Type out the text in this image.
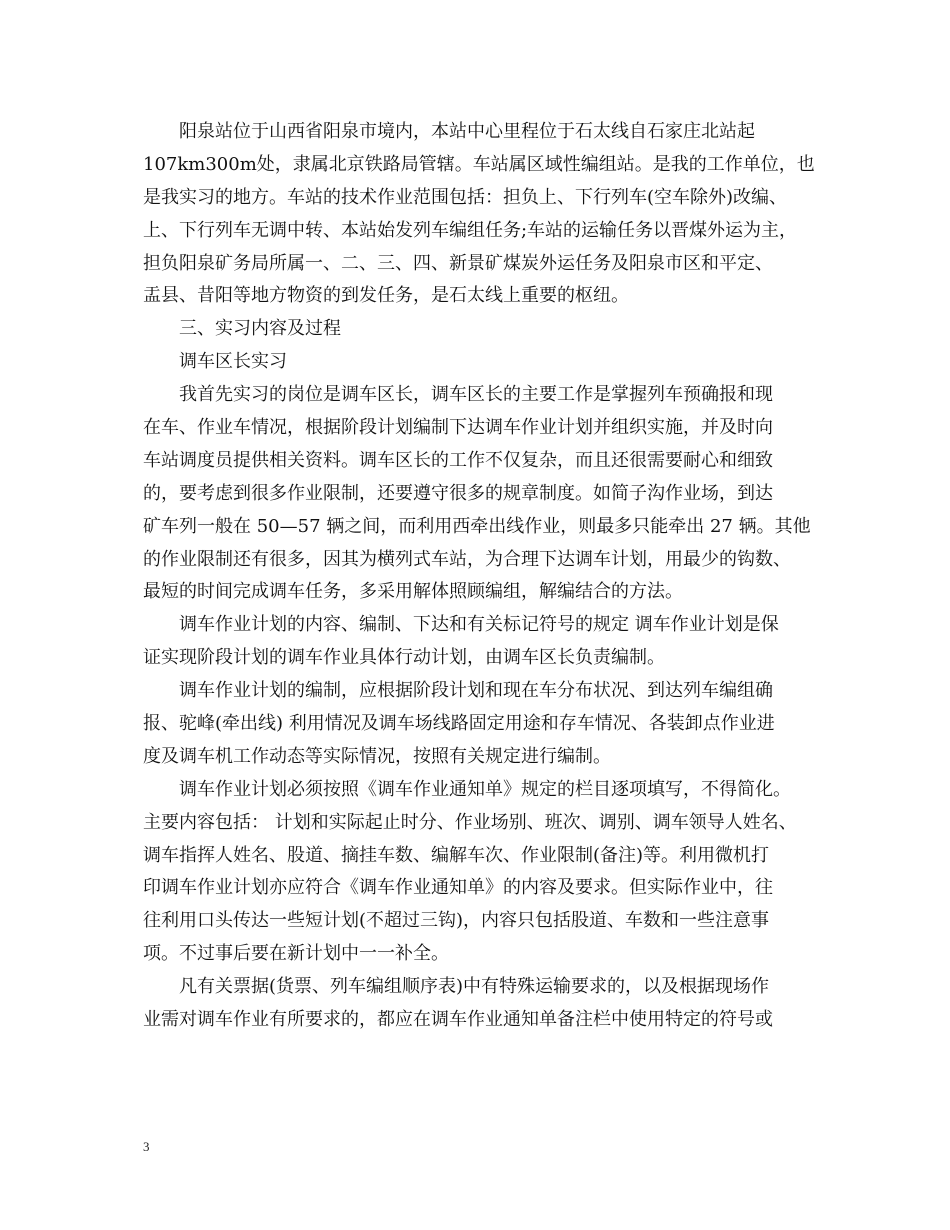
阳泉站位于山西省阳泉市境内，本站中心里程位于石太线自石家庄北站起
107km300m处，隶属北京铁路局管辖。车站属区域性编组站。是我的工作单位，也
是我实习的地方。车站的技术作业范围包括：担负上、下行列车(空车除外)改编、
上、下行列车无调中转、本站始发列车编组任务;车站的运输任务以晋煤外运为主，
担负阳泉矿务局所属一、二、三、四、新景矿煤炭外运任务及阳泉市区和平定、
盂县、昔阳等地方物资的到发任务，是石太线上重要的枢纽。
三、实习内容及过程
调车区长实习
我首先实习的岗位是调车区长，调车区长的主要工作是掌握列车预确报和现
在车、作业车情况，根据阶段计划编制下达调车作业计划并组织实施，并及时向
车站调度员提供相关资料。调车区长的工作不仅复杂，而且还很需要耐心和细致
的，要考虑到很多作业限制，还要遵守很多的规章制度。如简子沟作业场，到达
矿车列一般在 50—57 辆之间，而利用西牵出线作业，则最多只能牵出 27 辆。其他
的作业限制还有很多，因其为横列式车站，为合理下达调车计划，用最少的钩数、
最短的时间完成调车任务，多采用解体照顾编组，解编结合的方法。
调车作业计划的内容、编制、下达和有关标记符号的规定 调车作业计划是保
证实现阶段计划的调车作业具体行动计划，由调车区长负责编制。
调车作业计划的编制，应根据阶段计划和现在车分布状况、到达列车编组确
报、驼峰(牵出线) 利用情况及调车场线路固定用途和存车情况、各装卸点作业进
度及调车机工作动态等实际情况，按照有关规定进行编制。
调车作业计划必须按照《调车作业通知单》规定的栏目逐项填写，不得简化。
主要内容包括： 计划和实际起止时分、作业场别、班次、调别、调车领导人姓名、
调车指挥人姓名、股道、摘挂车数、编解车次、作业限制(备注)等。利用微机打
印调车作业计划亦应符合《调车作业通知单》的内容及要求。但实际作业中，往
往利用口头传达一些短计划(不超过三钩)，内容只包括股道、车数和一些注意事
项。不过事后要在新计划中一一补全。
凡有关票据(货票、列车编组顺序表)中有特殊运输要求的，以及根据现场作
业需对调车作业有所要求的，都应在调车作业通知单备注栏中使用特定的符号或
3
